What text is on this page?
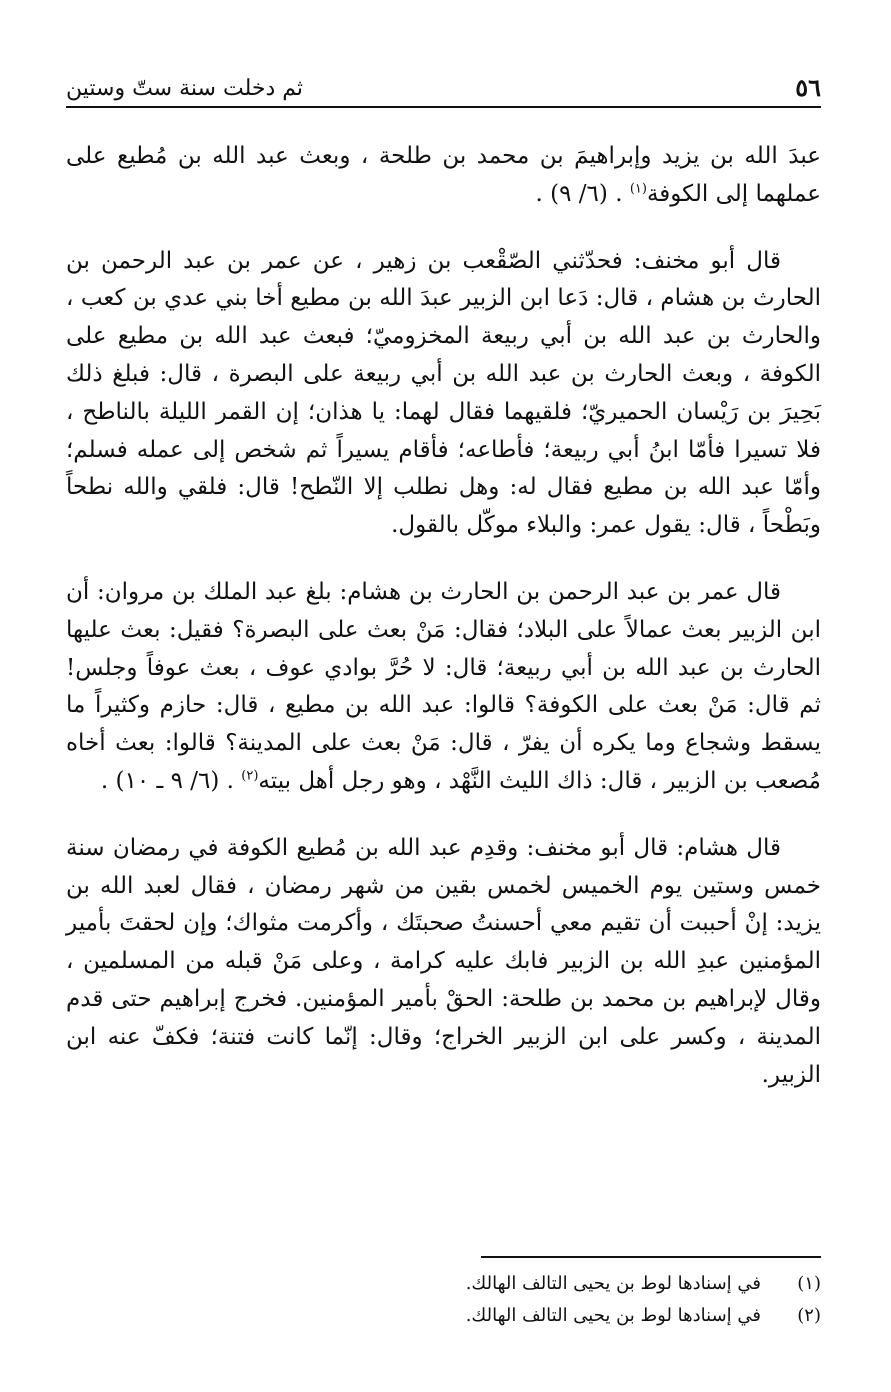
٥٦
ثم دخلت سنة ستّ وستين

عبدَ الله بن يزيد وإبراهيمَ بن محمد بن طلحة ، وبعث عبد الله بن مُطيع على عملهما إلى الكوفة$^{(١)}$ . (٦/ ٩) .

قال أبو مخنف: فحدّثني الصّقْعب بن زهير ، عن عمر بن عبد الرحمن بن الحارث بن هشام ، قال: دَعا ابن الزبير عبدَ الله بن مطيع أخا بني عدي بن كعب ، والحارث بن عبد الله بن أبي ربيعة المخزوميّ؛ فبعث عبد الله بن مطيع على الكوفة ، وبعث الحارث بن عبد الله بن أبي ربيعة على البصرة ، قال: فبلغ ذلك بَحِيرَ بن رَيْسان الحميريّ؛ فلقيهما فقال لهما: يا هذان؛ إن القمر الليلة بالناطح ، فلا تسيرا فأمّا ابنُ أبي ربيعة؛ فأطاعه؛ فأقام يسيراً ثم شخص إلى عمله فسلم؛ وأمّا عبد الله بن مطيع فقال له: وهل نطلب إلا النّطح! قال: فلقي والله نطحاً وبَطْحاً ، قال: يقول عمر: والبلاء موكّل بالقول.

قال عمر بن عبد الرحمن بن الحارث بن هشام: بلغ عبد الملك بن مروان: أن ابن الزبير بعث عمالاً على البلاد؛ فقال: مَنْ بعث على البصرة؟ فقيل: بعث عليها الحارث بن عبد الله بن أبي ربيعة؛ قال: لا حُرَّ بوادي عوف ، بعث عوفاً وجلس! ثم قال: مَنْ بعث على الكوفة؟ قالوا: عبد الله بن مطيع ، قال: حازم وكثيراً ما يسقط وشجاع وما يكره أن يفرّ ، قال: مَنْ بعث على المدينة؟ قالوا: بعث أخاه مُصعب بن الزبير ، قال: ذاك الليث النَّهْد ، وهو رجل أهل بيته$^{(٢)}$ . (٦/ ٩ ـ ١٠) .

قال هشام: قال أبو مخنف: وقدِم عبد الله بن مُطيع الكوفة في رمضان سنة خمس وستين يوم الخميس لخمس بقين من شهر رمضان ، فقال لعبد الله بن يزيد: إنْ أحببت أن تقيم معي أحسنتُ صحبتَك ، وأكرمت مثواك؛ وإن لحقتَ بأمير المؤمنين عبدِ الله بن الزبير فابك عليه كرامة ، وعلى مَنْ قبله من المسلمين ، وقال لإبراهيم بن محمد بن طلحة: الحقْ بأمير المؤمنين. فخرج إبراهيم حتى قدم المدينة ، وكسر على ابن الزبير الخراج؛ وقال: إنّما كانت فتنة؛ فكفّ عنه ابن الزبير.

(١)
في إسنادها لوط بن يحيى التالف الهالك.
(٢)
في إسنادها لوط بن يحيى التالف الهالك.
